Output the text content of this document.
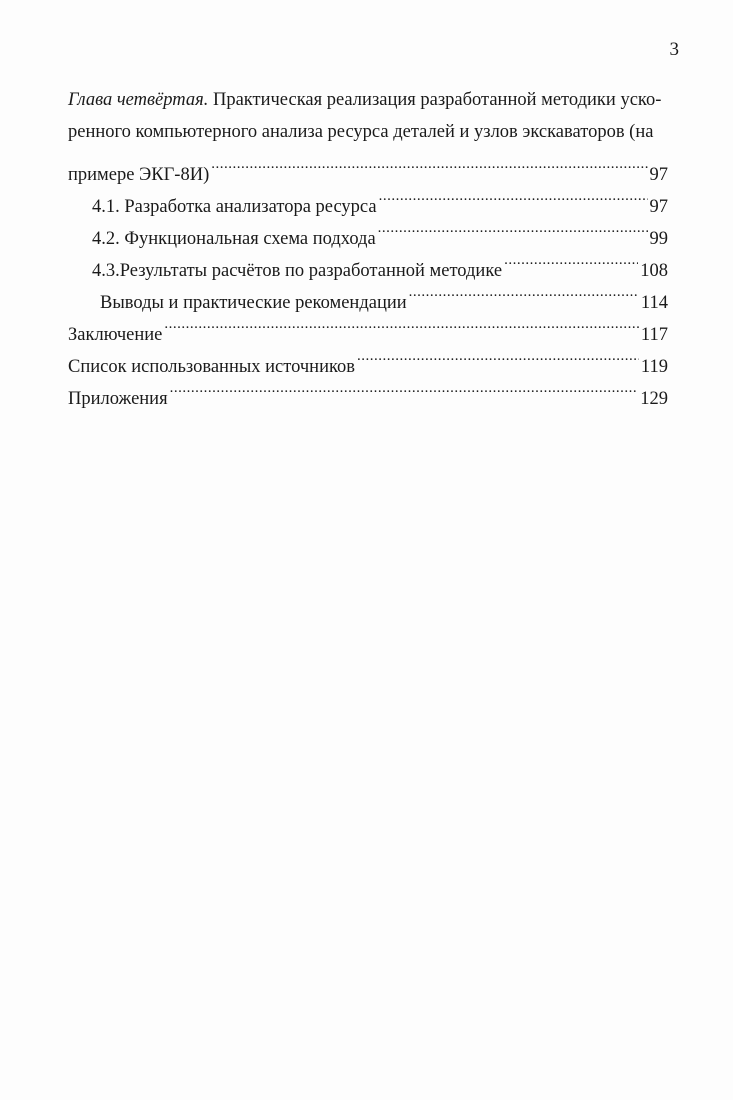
3
Глава четвёртая. Практическая реализация разработанной методики уско-
ренного компьютерного анализа ресурса деталей и узлов экскаваторов (на
примере ЭКГ-8И) .....	97
4.1. Разработка анализатора ресурса .....	97
4.2. Функциональная схема подхода .....	99
4.3.Результаты расчётов по разработанной методике .....	108
Выводы и практические рекомендации .....	114
Заключение .....	117
Список использованных источников .....	119
Приложения .....	129
